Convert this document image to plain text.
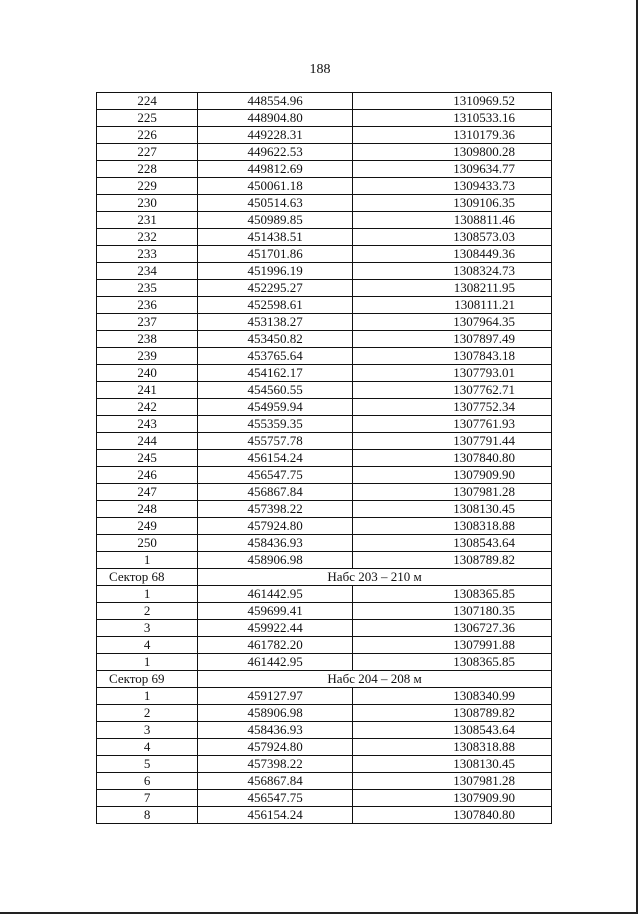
188
224	448554.96	1310969.52
225	448904.80	1310533.16
226	449228.31	1310179.36
227	449622.53	1309800.28
228	449812.69	1309634.77
229	450061.18	1309433.73
230	450514.63	1309106.35
231	450989.85	1308811.46
232	451438.51	1308573.03
233	451701.86	1308449.36
234	451996.19	1308324.73
235	452295.27	1308211.95
236	452598.61	1308111.21
237	453138.27	1307964.35
238	453450.82	1307897.49
239	453765.64	1307843.18
240	454162.17	1307793.01
241	454560.55	1307762.71
242	454959.94	1307752.34
243	455359.35	1307761.93
244	455757.78	1307791.44
245	456154.24	1307840.80
246	456547.75	1307909.90
247	456867.84	1307981.28
248	457398.22	1308130.45
249	457924.80	1308318.88
250	458436.93	1308543.64
1	458906.98	1308789.82
Сектор 68	Набс 203 – 210 м	
1	461442.95	1308365.85
2	459699.41	1307180.35
3	459922.44	1306727.36
4	461782.20	1307991.88
1	461442.95	1308365.85
Сектор 69	Набс 204 – 208 м	
1	459127.97	1308340.99
2	458906.98	1308789.82
3	458436.93	1308543.64
4	457924.80	1308318.88
5	457398.22	1308130.45
6	456867.84	1307981.28
7	456547.75	1307909.90
8	456154.24	1307840.80
